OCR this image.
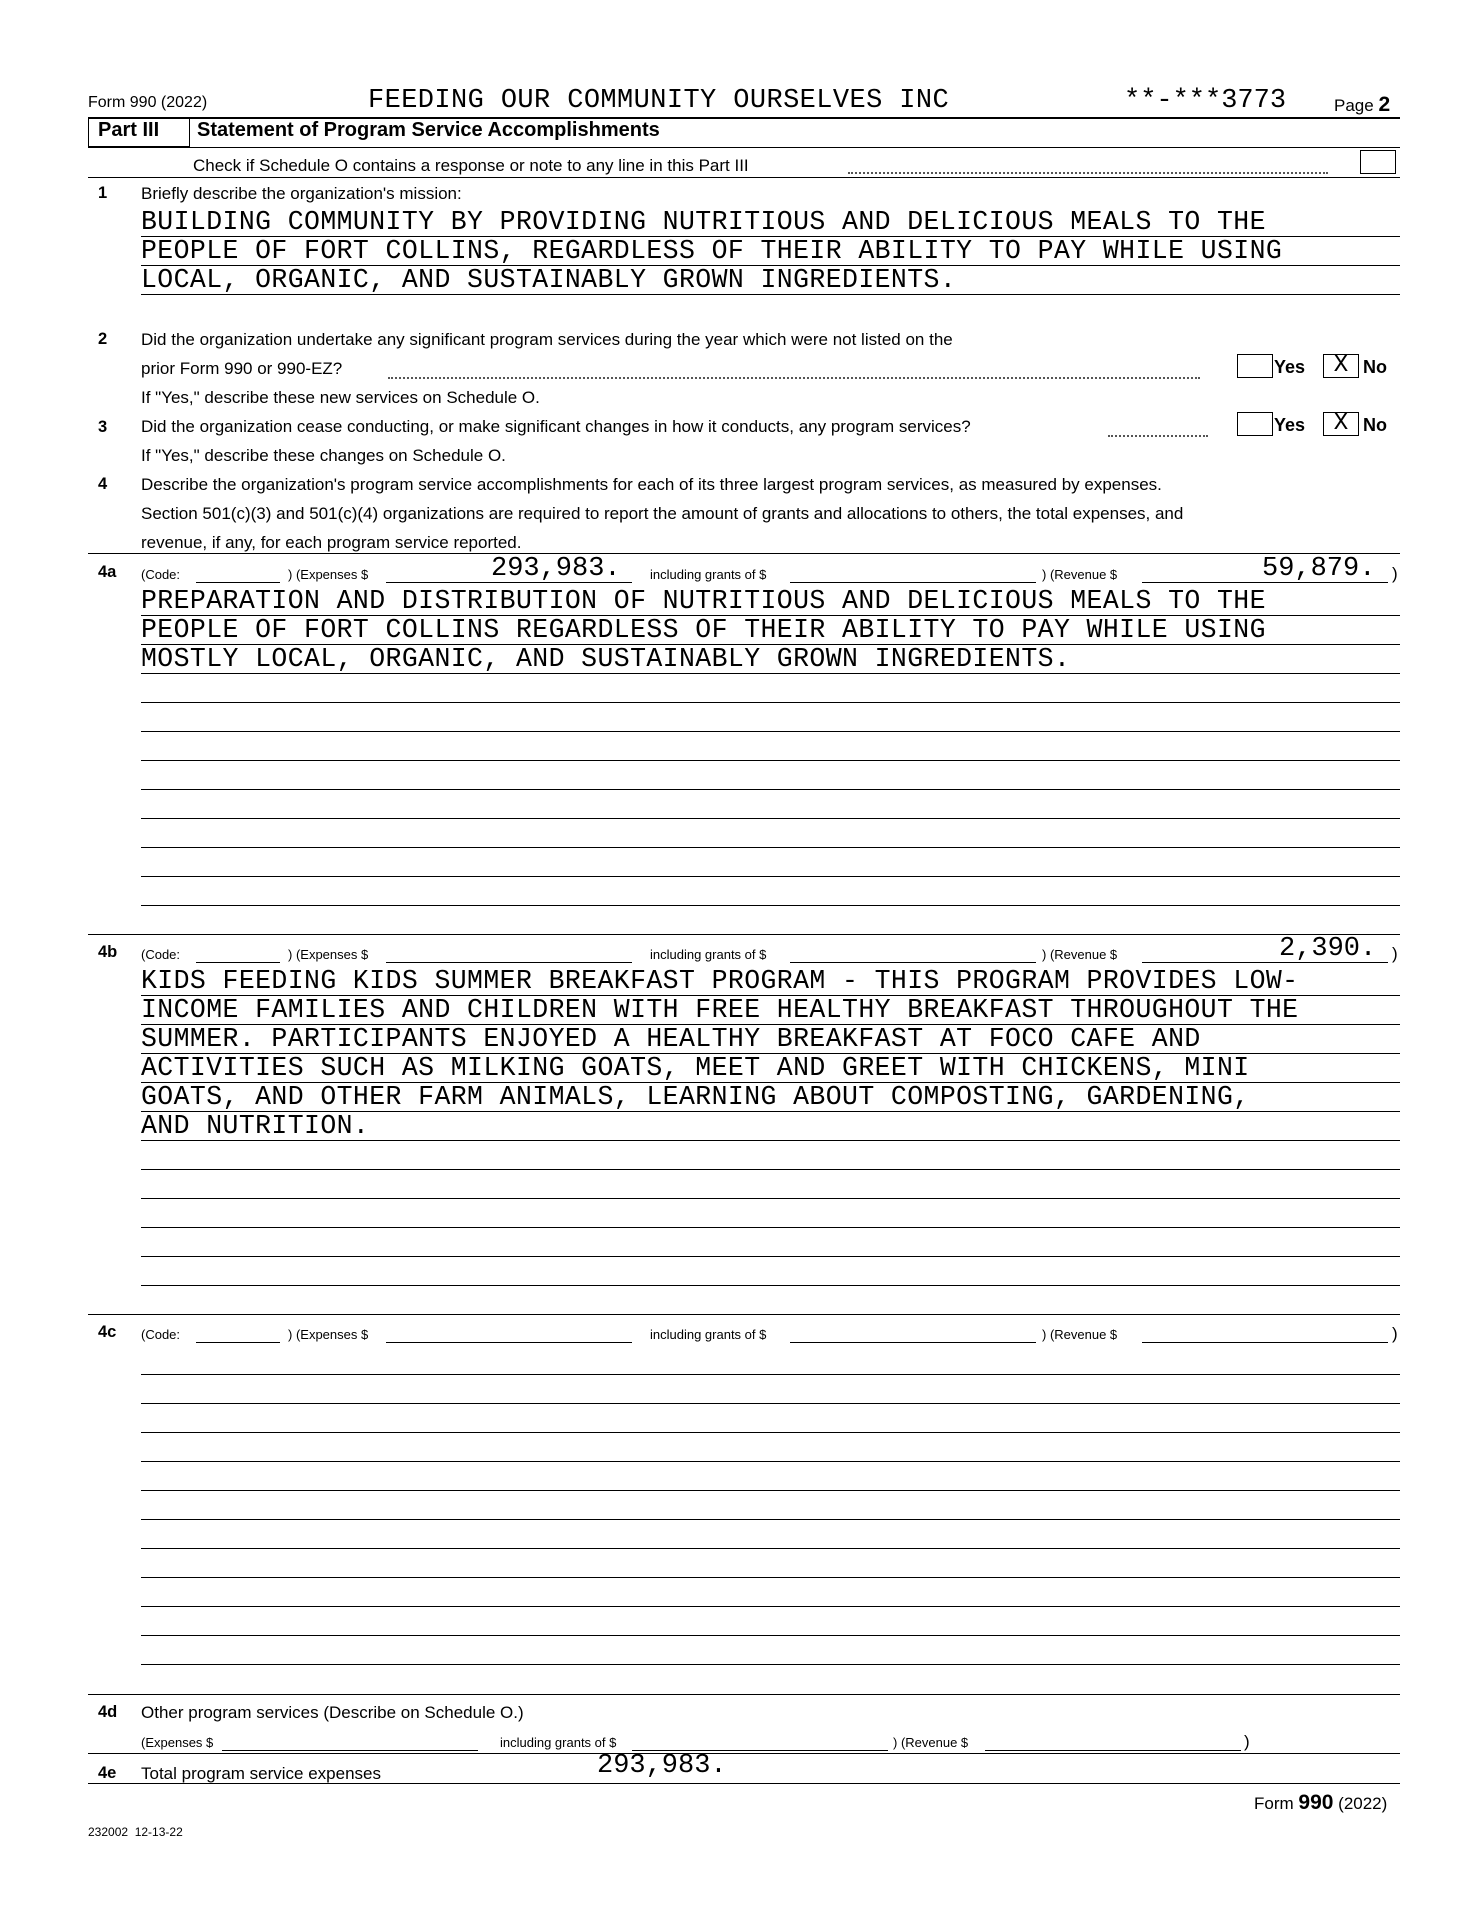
Form 990 (2022)	FEEDING OUR COMMUNITY OURSELVES INC	**-***3773	Page 2
Part III Statement of Program Service Accomplishments
Check if Schedule O contains a response or note to any line in this Part III
1 Briefly describe the organization's mission:
BUILDING COMMUNITY BY PROVIDING NUTRITIOUS AND DELICIOUS MEALS TO THE
PEOPLE OF FORT COLLINS, REGARDLESS OF THEIR ABILITY TO PAY WHILE USING
LOCAL, ORGANIC, AND SUSTAINABLY GROWN INGREDIENTS.
2 Did the organization undertake any significant program services during the year which were not listed on the
prior Form 990 or 990-EZ?	Yes	X No
If "Yes," describe these new services on Schedule O.
3 Did the organization cease conducting, or make significant changes in how it conducts, any program services?	Yes	X No
If "Yes," describe these changes on Schedule O.
4 Describe the organization's program service accomplishments for each of its three largest program services, as measured by expenses.
Section 501(c)(3) and 501(c)(4) organizations are required to report the amount of grants and allocations to others, the total expenses, and
revenue, if any, for each program service reported.
4a (Code:	) (Expenses $	293,983. including grants of $	) (Revenue $	59,879. )
PREPARATION AND DISTRIBUTION OF NUTRITIOUS AND DELICIOUS MEALS TO THE
PEOPLE OF FORT COLLINS REGARDLESS OF THEIR ABILITY TO PAY WHILE USING
MOSTLY LOCAL, ORGANIC, AND SUSTAINABLY GROWN INGREDIENTS.
4b (Code:	) (Expenses $	including grants of $	) (Revenue $	2,390. )
KIDS FEEDING KIDS SUMMER BREAKFAST PROGRAM - THIS PROGRAM PROVIDES LOW-
INCOME FAMILIES AND CHILDREN WITH FREE HEALTHY BREAKFAST THROUGHOUT THE
SUMMER. PARTICIPANTS ENJOYED A HEALTHY BREAKFAST AT FOCO CAFE AND
ACTIVITIES SUCH AS MILKING GOATS, MEET AND GREET WITH CHICKENS, MINI
GOATS, AND OTHER FARM ANIMALS, LEARNING ABOUT COMPOSTING, GARDENING,
AND NUTRITION.
4c (Code:	) (Expenses $	including grants of $	) (Revenue $	)
4d Other program services (Describe on Schedule O.)
(Expenses $	including grants of $	) (Revenue $	)
4e Total program service expenses	293,983.
Form 990 (2022)
232002  12-13-22
